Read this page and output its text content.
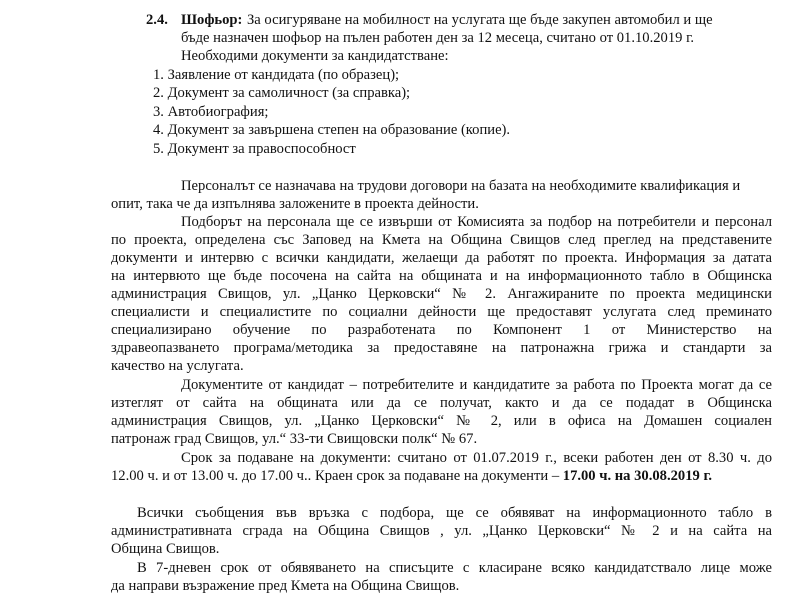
2.4. Шофьор: За осигуряване на мобилност на услугата ще бъде закупен автомобил и ще
бъде назначен шофьор на пълен работен ден за 12 месеца, считано от 01.10.2019 г.
Необходими документи за кандидатстване:
1. Заявление от кандидата (по образец);
2. Документ за самоличност (за справка);
3. Автобиография;
4. Документ за завършена степен на образование (копие).
5. Документ за правоспособност
Персоналът се назначава на трудови договори на базата на необходимите квалификация и
опит, така че да изпълнява заложените в проекта дейности.
Подборът на персонала ще се извърши от Комисията за подбор на потребители и персонал
по проекта, определена със Заповед на Кмета на Община Свищов след преглед на представените
документи и интервю с всички кандидати, желаещи да работят по проекта. Информация за датата
на интервюто ще бъде посочена на сайта на общината и на информационното табло в Общинска
администрация Свищов, ул. „Цанко Церковски“ № 2. Ангажираните по проекта медицински
специалисти и специалистите по социални дейности ще предоставят услугата след преминато
специализирано обучение по разработената по Компонент 1 от Министерство на
здравеопазването програма/методика за предоставяне на патронажна грижа и стандарти за
качество на услугата.
Документите от кандидат – потребителите и кандидатите за работа по Проекта могат да се
изтеглят от сайта на общината или да се получат, както и да се подадат в Общинска
администрация Свищов, ул. „Цанко Церковски“ № 2, или в офиса на Домашен социален
патронаж град Свищов, ул.“ 33-ти Свищовски полк“ № 67.
Срок за подаване на документи: считано от 01.07.2019 г., всеки работен ден от 8.30 ч. до
12.00 ч. и от 13.00 ч. до 17.00 ч.. Краен срок за подаване на документи – 17.00 ч. на 30.08.2019 г.
Всички съобщения във връзка с подбора, ще се обявяват на информационното табло в
административната сграда на Община Свищов , ул. „Цанко Церковски“ № 2 и на сайта на
Община Свищов.
В 7-дневен срок от обявяването на списъците с класиране всяко кандидатствало лице може
да направи възражение пред Кмета на Община Свищов.
